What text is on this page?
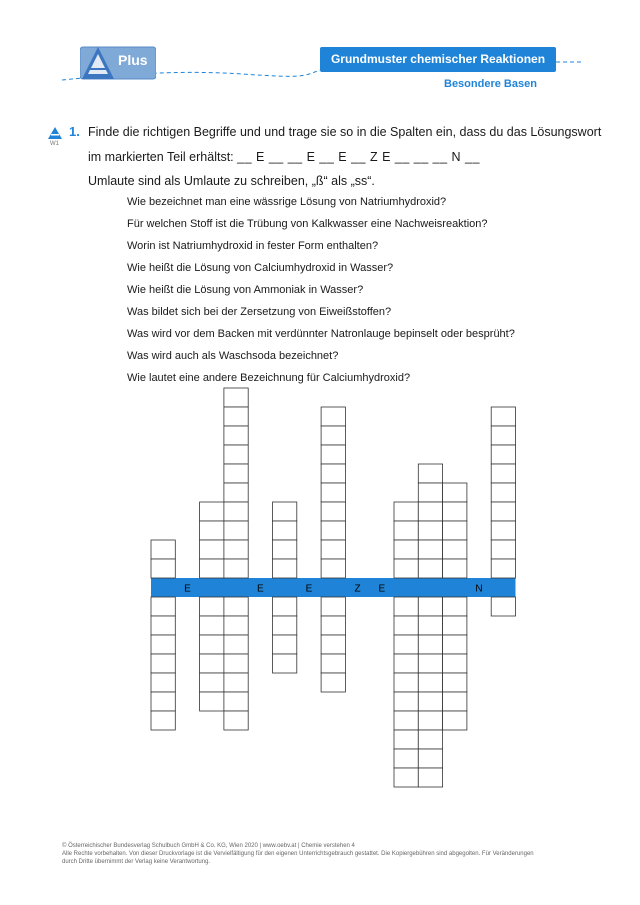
Plus	Grundmuster chemischer Reaktionen
Besondere Basen
W1
1. Finde die richtigen Begriffe und und trage sie so in die Spalten ein, dass du das Lösungswort
im markierten Teil erhältst: __ E __ __ E __ E __ Z E __ __ __ N __
Umlaute sind als Umlaute zu schreiben, „ß“ als „ss“.
Wie bezeichnet man eine wässrige Lösung von Natriumhydroxid?
Für welchen Stoff ist die Trübung von Kalkwasser eine Nachweisreaktion?
Worin ist Natriumhydroxid in fester Form enthalten?
Wie heißt die Lösung von Calciumhydroxid in Wasser?
Wie heißt die Lösung von Ammoniak in Wasser?
Was bildet sich bei der Zersetzung von Eiweißstoffen?
Was wird vor dem Backen mit verdünnter Natronlauge bepinselt oder besprüht?
Was wird auch als Waschsoda bezeichnet?
Wie lautet eine andere Bezeichnung für Calciumhydroxid?
E	E	E	Z E	N
© Österreichischer Bundesverlag Schulbuch GmbH & Co. KG, Wien 2020 | www.oebv.at | Chemie verstehen 4
Alle Rechte vorbehalten. Von dieser Druckvorlage ist die Vervielfältigung für den eigenen Unterrichtsgebrauch gestattet. Die Kopiergebühren sind abgegolten. Für Veränderungen
durch Dritte übernimmt der Verlag keine Verantwortung.
